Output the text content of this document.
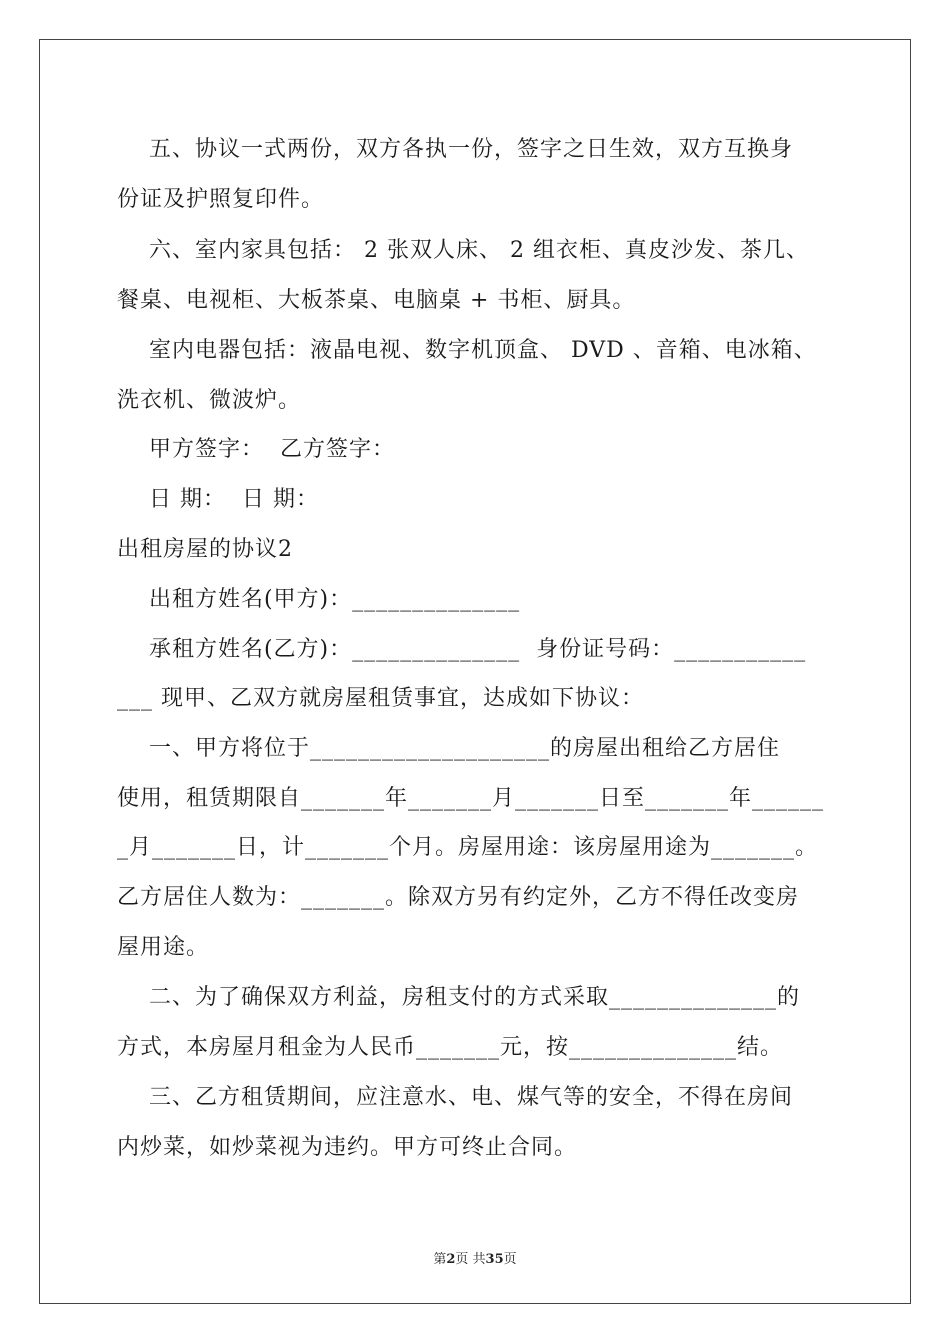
五、协议一式两份，双方各执一份，签字之日生效，双方互换身
份证及护照复印件。
六、室内家具包括： 2 张双人床、 2 组衣柜、真皮沙发、茶几、
餐桌、电视柜、大板茶桌、电脑桌 + 书柜、厨具。
室内电器包括：液晶电视、数字机顶盒、 DVD 、音箱、电冰箱、
洗衣机、微波炉。
甲方签字：  乙方签字：
日 期：  日 期：
出租房屋的协议2
出租方姓名(甲方)：______________
承租方姓名(乙方)：______________  身份证号码：___________
___ 现甲、乙双方就房屋租赁事宜，达成如下协议：
一、甲方将位于____________________的房屋出租给乙方居住
使用，租赁期限自_______年_______月_______日至_______年______
_月_______日，计_______个月。房屋用途：该房屋用途为_______。
乙方居住人数为：_______。除双方另有约定外，乙方不得任改变房
屋用途。
二、为了确保双方利益，房租支付的方式采取______________的
方式，本房屋月租金为人民币_______元，按______________结。
三、乙方租赁期间，应注意水、电、煤气等的安全，不得在房间
内炒菜，如炒菜视为违约。甲方可终止合同。
第2页 共35页
